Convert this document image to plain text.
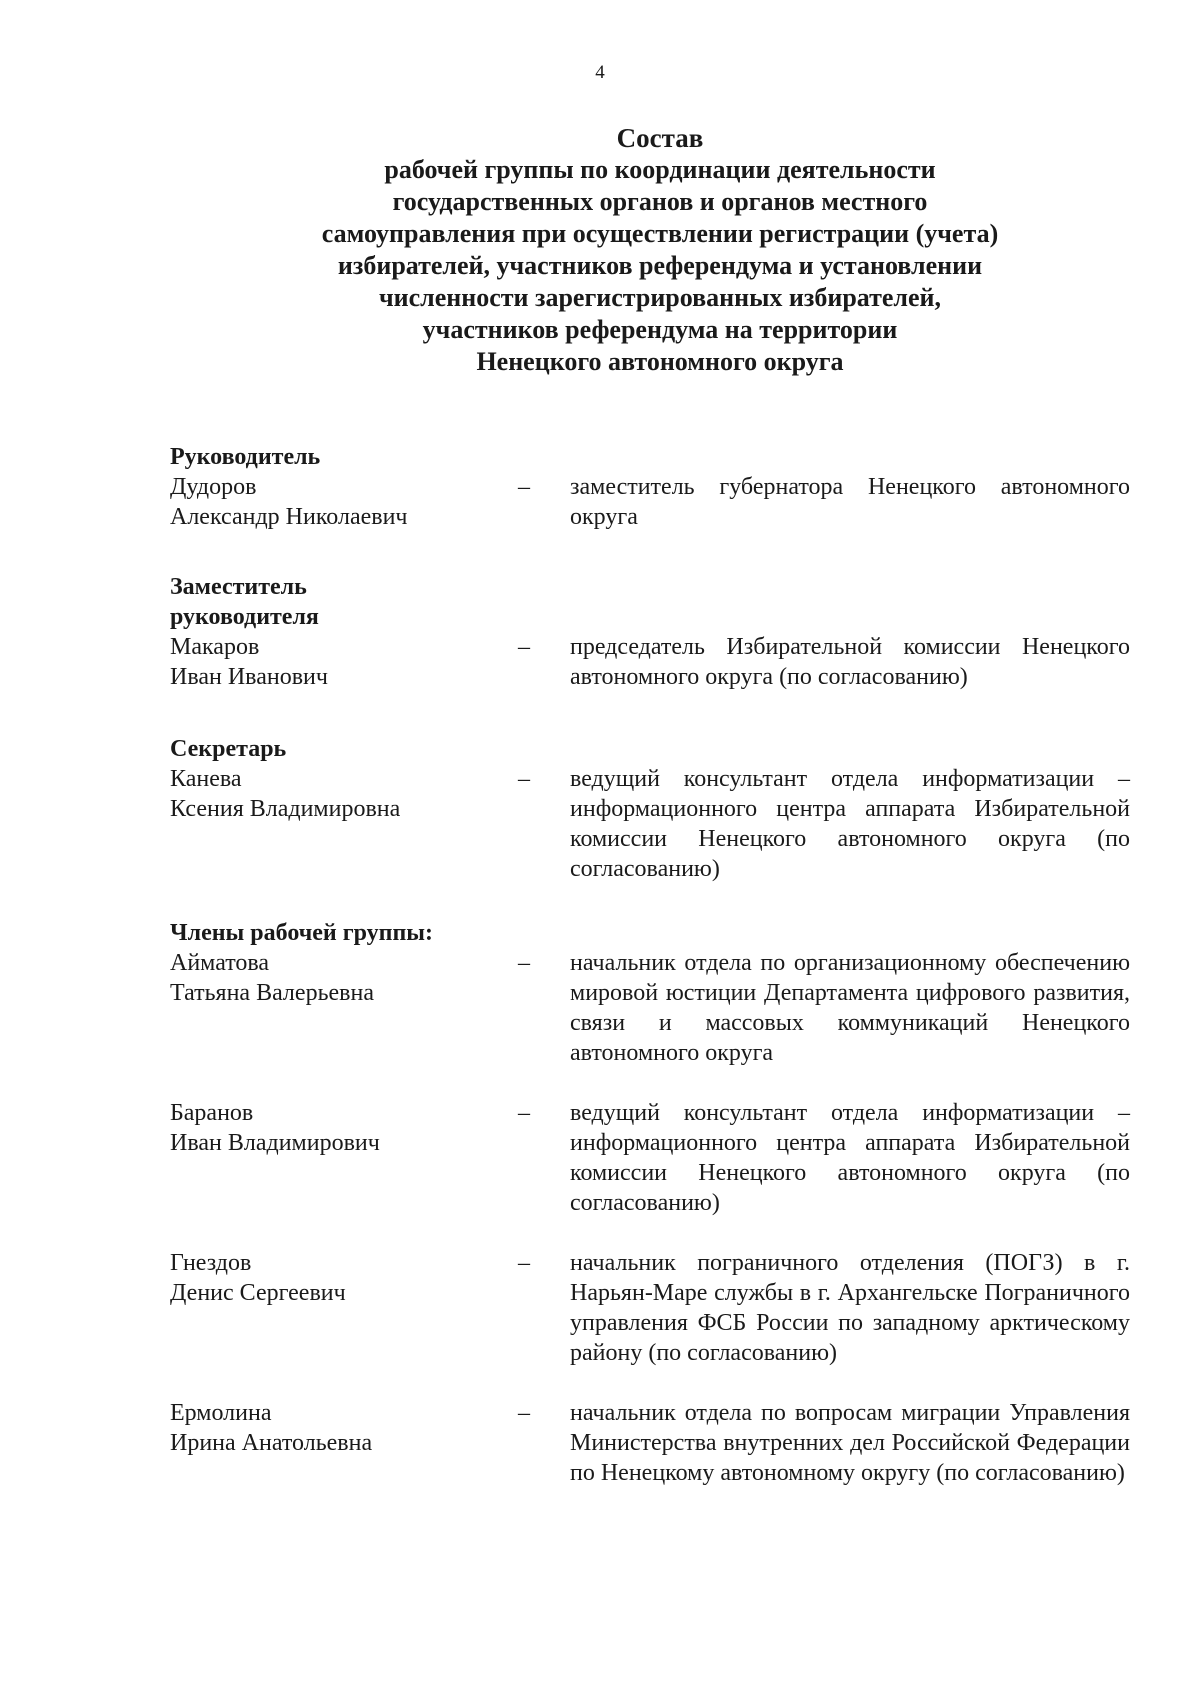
4
Состав
рабочей группы по координации деятельности
государственных органов и органов местного
самоуправления при осуществлении регистрации (учета)
избирателей, участников референдума и установлении
численности зарегистрированных избирателей,
участников референдума на территории
Ненецкого автономного округа
Руководитель
Дудоров
Александр Николаевич
–	заместитель губернатора Ненецкого автономного округа
Заместитель
руководителя
Макаров
Иван Иванович
–	председатель Избирательной комиссии Ненецкого автономного округа (по согласованию)
Секретарь
Канева
Ксения Владимировна
–	ведущий консультант отдела информатизации – информационного центра аппарата Избирательной комиссии Ненецкого автономного округа (по согласованию)
Члены рабочей группы:
Айматова
Татьяна Валерьевна
–	начальник отдела по организационному обеспечению мировой юстиции Департамента цифрового развития, связи и массовых коммуникаций Ненецкого автономного округа
Баранов
Иван Владимирович
–	ведущий консультант отдела информатизации – информационного центра аппарата Избирательной комиссии Ненецкого автономного округа (по согласованию)
Гнездов
Денис Сергеевич
–	начальник пограничного отделения (ПОГЗ) в г. Нарьян-Маре службы в г. Архангельске Пограничного управления ФСБ России по западному арктическому району (по согласованию)
Ермолина
Ирина Анатольевна
–	начальник отдела по вопросам миграции Управления Министерства внутренних дел Российской Федерации по Ненецкому автономному округу (по согласованию)
